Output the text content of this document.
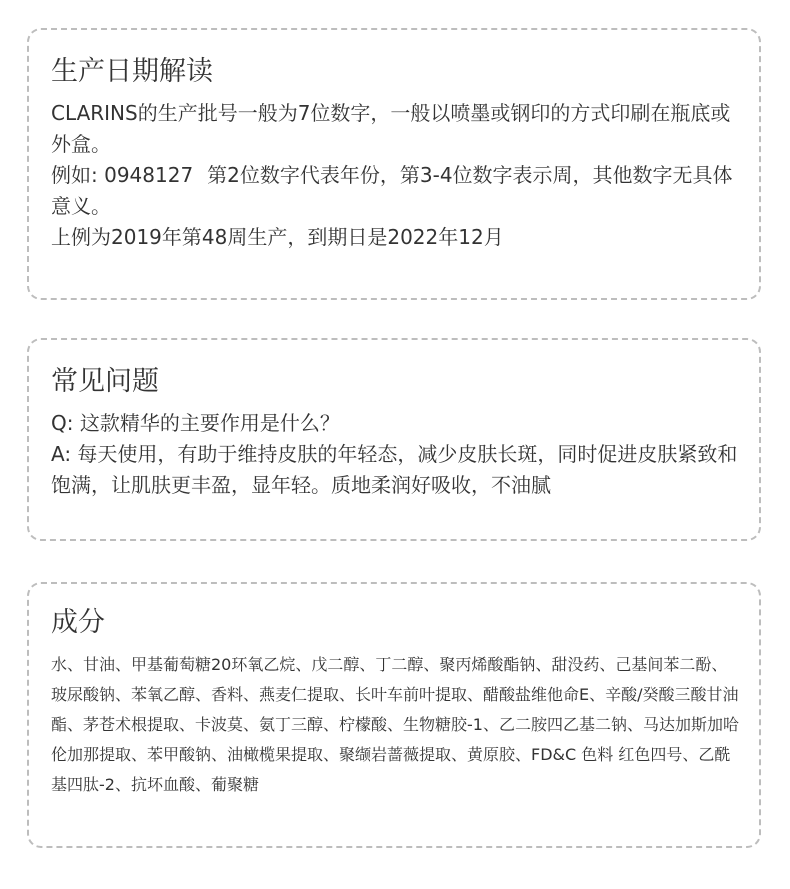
生产日期解读

CLARINS的生产批号一般为7位数字，一般以喷墨或钢印的方式印刷在瓶底或外盒。

例如: 0948127 第2位数字代表年份，第3-4位数字表示周，其他数字无具体意义。

上例为2019年第48周生产，到期日是2022年12月

常见问题

Q: 这款精华的主要作用是什么？

A: 每天使用，有助于维持皮肤的年轻态，减少皮肤长斑，同时促进皮肤紧致和饱满，让肌肤更丰盈，显年轻。质地柔润好吸收，不油腻

成分

水、甘油、甲基葡萄糖20环氧乙烷、戊二醇、丁二醇、聚丙烯酸酯钠、甜没药、己基间苯二酚、玻尿酸钠、苯氧乙醇、香料、燕麦仁提取、长叶车前叶提取、醋酸盐维他命E、辛酸/癸酸三酸甘油酯、茅苍术根提取、卡波莫、氨丁三醇、柠檬酸、生物糖胶-1、乙二胺四乙基二钠、马达加斯加哈伦加那提取、苯甲酸钠、油橄榄果提取、聚缬岩蔷薇提取、黄原胶、FD&C 色料 红色四号、乙酰基四肽-2、抗坏血酸、葡聚糖
